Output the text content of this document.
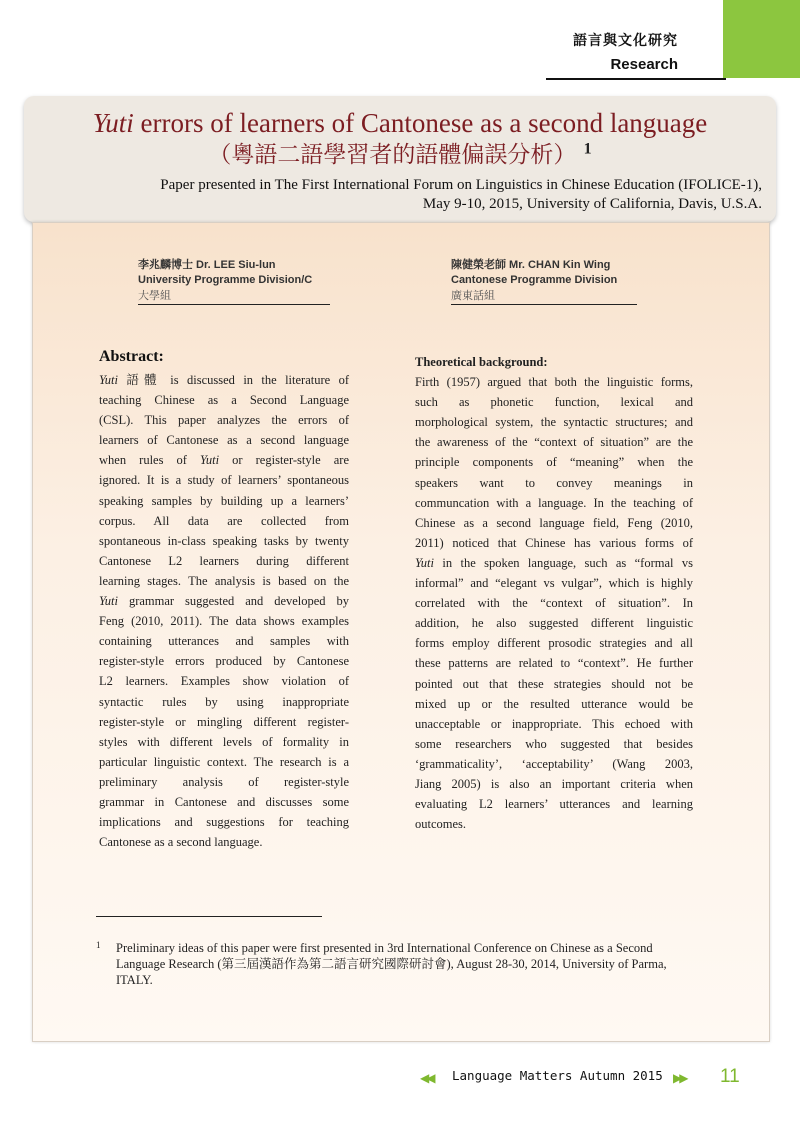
語言與文化研究
Research
Yuti errors of learners of Cantonese as a second language
（粵語二語學習者的語體偏誤分析） $^1$
Paper presented in The First International Forum on Linguistics in Chinese Education (IFOLICE-1),
May 9-10, 2015, University of California, Davis, U.S.A.
李兆麟博士 Dr. LEE Siu-lun
University Programme Division/C
大學組
陳健榮老師 Mr. CHAN Kin Wing
Cantonese Programme Division
廣東話組
Abstract:

Yuti 語體 is discussed in the literature of

teaching Chinese as a Second Language

(CSL). This paper analyzes the errors of

learners of Cantonese as a second language

when rules of Yuti or register-style are

ignored. It is a study of learners’ spontaneous

speaking samples by building up a learners’

corpus. All data are collected from

spontaneous in-class speaking tasks by twenty

Cantonese L2 learners during different

learning stages. The analysis is based on the

Yuti grammar suggested and developed by

Feng (2010, 2011). The data shows examples

containing utterances and samples with

register-style errors produced by Cantonese

L2 learners. Examples show violation of

syntactic rules by using inappropriate

register-style or mingling different register-

styles with different levels of formality in

particular linguistic context. The research is a

preliminary analysis of register-style

grammar in Cantonese and discusses some

implications and suggestions for teaching

Cantonese as a second language.

Theoretical background:

Firth (1957) argued that both the linguistic forms,

such as phonetic function, lexical and

morphological system, the syntactic structures; and

the awareness of the “context of situation” are the

principle components of “meaning” when the

speakers want to convey meanings in

communcation with a language. In the teaching of

Chinese as a second language field, Feng (2010,

2011) noticed that Chinese has various forms of

Yuti in the spoken language, such as “formal vs

informal” and “elegant vs vulgar”, which is highly

correlated with the “context of situation”. In

addition, he also suggested different linguistic

forms employ different prosodic strategies and all

these patterns are related to “context”. He further

pointed out that these strategies should not be

mixed up or the resulted utterance would be

unacceptable or inappropriate. This echoed with

some researchers who suggested that besides

‘grammaticality’, ‘acceptability’ (Wang 2003,

Jiang 2005) is also an important criteria when

evaluating L2 learners’ utterances and learning

outcomes.

1 Preliminary ideas of this paper were first presented in 3rd International Conference on Chinese as a Second
Language Research (第三屆漢語作為第二語言研究國際研討會), August 28-30, 2014, University of Parma,
ITALY.
◀◀ Language Matters Autumn 2015 ▶▶ 11
